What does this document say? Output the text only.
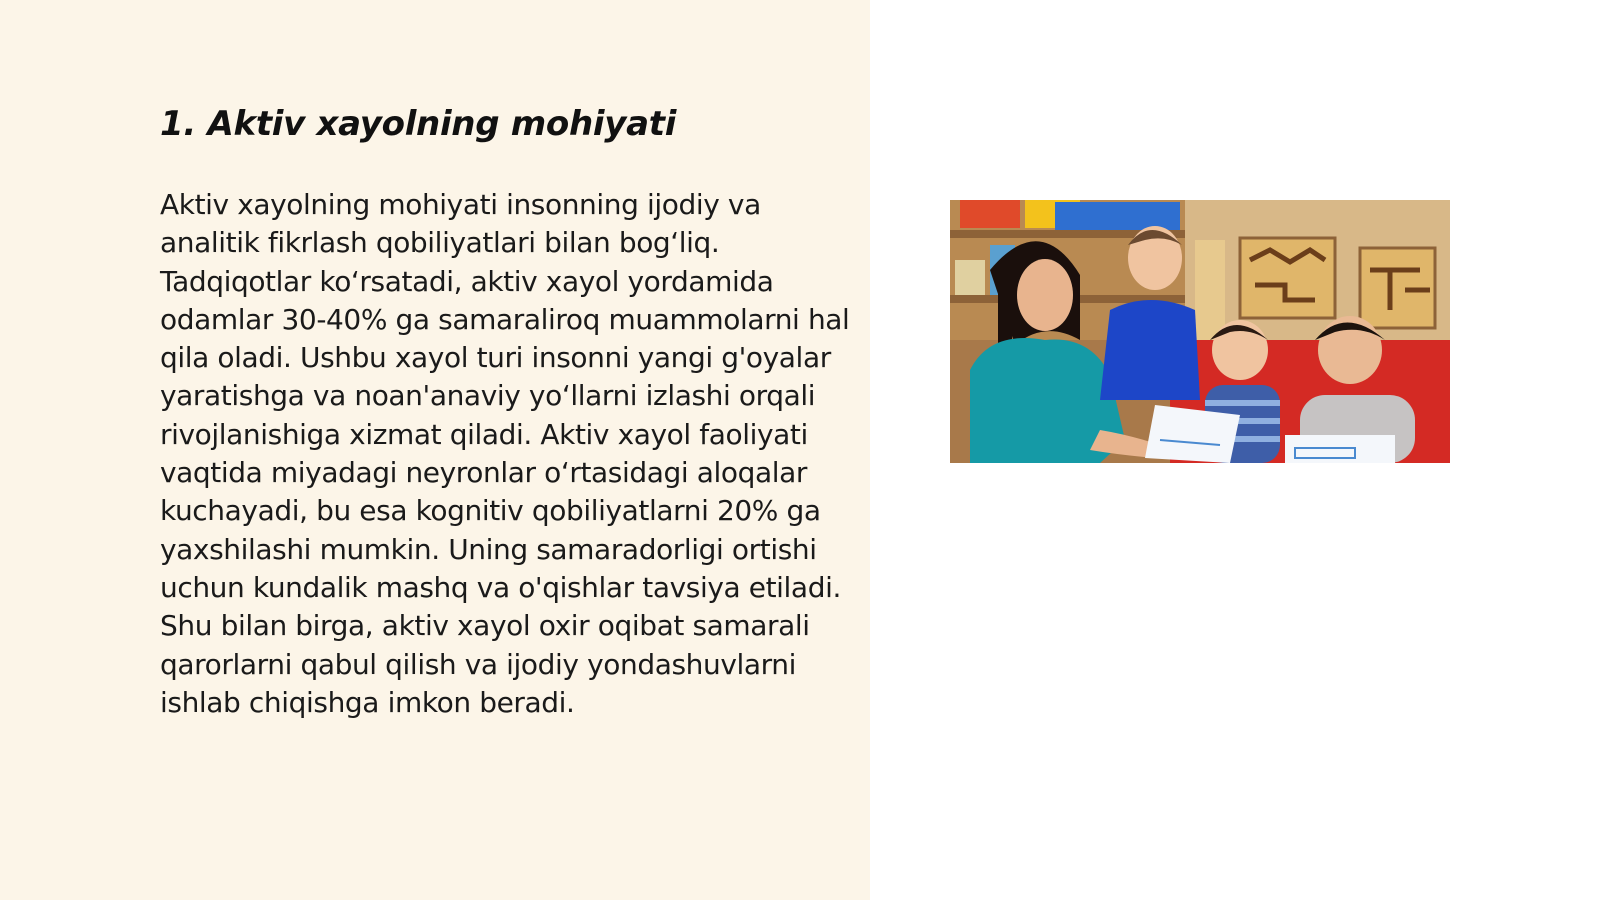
1. Aktiv xayolning mohiyati

Aktiv xayolning mohiyati insonning ijodiy va analitik fikrlash qobiliyatlari bilan bog‘liq. Tadqiqotlar ko‘rsatadi, aktiv xayol yordamida odamlar 30-40% ga samaraliroq muammolarni hal qila oladi. Ushbu xayol turi insonni yangi g'oyalar yaratishga va noan'anaviy yo‘llarni izlashi orqali rivojlanishiga xizmat qiladi. Aktiv xayol faoliyati vaqtida miyadagi neyronlar o‘rtasidagi aloqalar kuchayadi, bu esa kognitiv qobiliyatlarni 20% ga yaxshilashi mumkin. Uning samaradorligi ortishi uchun kundalik mashq va o'qishlar tavsiya etiladi. Shu bilan birga, aktiv xayol oxir oqibat samarali qarorlarni qabul qilish va ijodiy yondashuvlarni ishlab chiqishga imkon beradi.
